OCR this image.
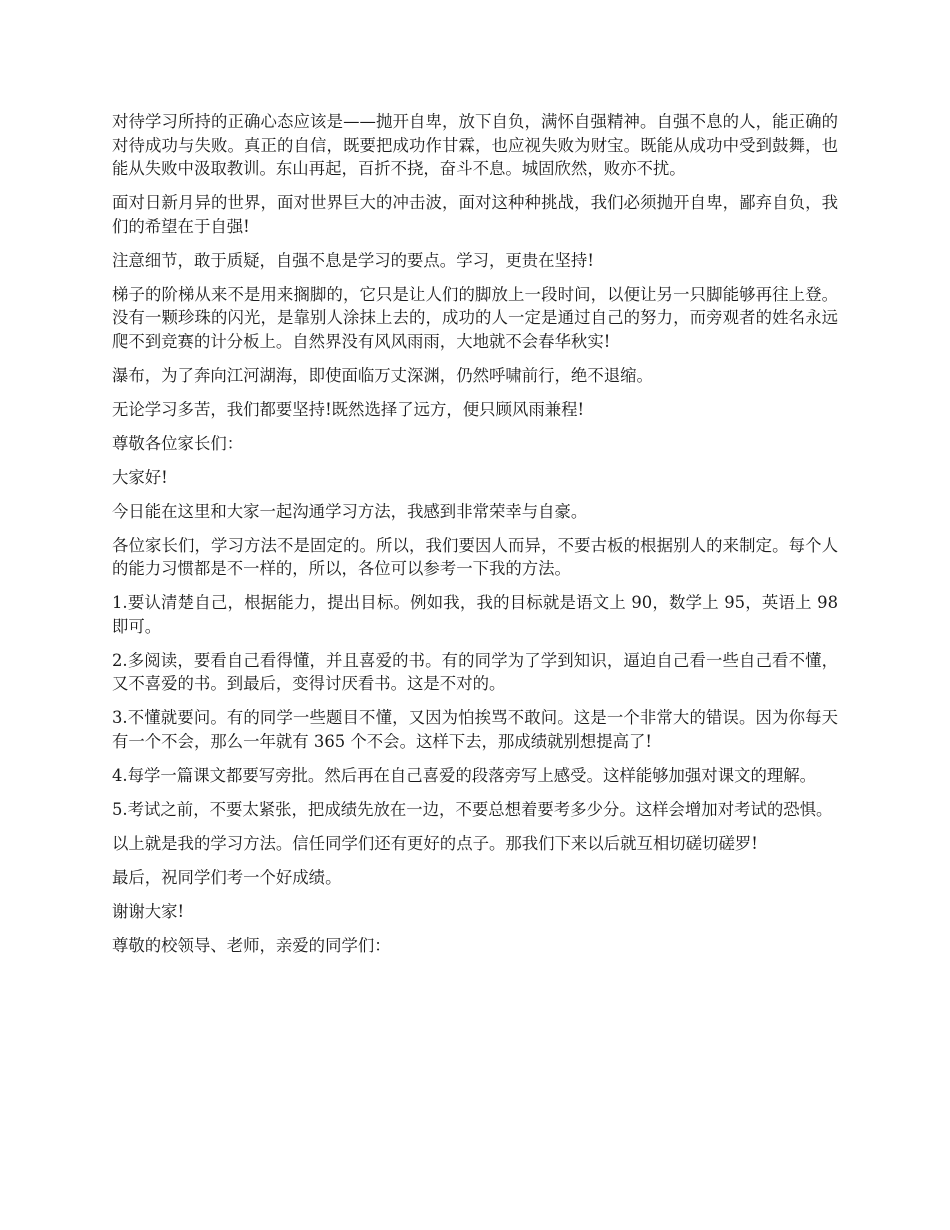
对待学习所持的正确心态应该是——抛开自卑，放下自负，满怀自强精神。自强不息的人，能正确的对待成功与失败。真正的自信，既要把成功作甘霖，也应视失败为财宝。既能从成功中受到鼓舞，也能从失败中汲取教训。东山再起，百折不挠，奋斗不息。城固欣然，败亦不扰。

面对日新月异的世界，面对世界巨大的冲击波，面对这种种挑战，我们必须抛开自卑，鄙弃自负，我们的希望在于自强!

注意细节，敢于质疑，自强不息是学习的要点。学习，更贵在坚持!

梯子的阶梯从来不是用来搁脚的，它只是让人们的脚放上一段时间，以便让另一只脚能够再往上登。没有一颗珍珠的闪光，是靠别人涂抹上去的，成功的人一定是通过自己的努力，而旁观者的姓名永远爬不到竞赛的计分板上。自然界没有风风雨雨，大地就不会春华秋实!

瀑布，为了奔向江河湖海，即使面临万丈深渊，仍然呼啸前行，绝不退缩。

无论学习多苦，我们都要坚持!既然选择了远方，便只顾风雨兼程!

尊敬各位家长们：

大家好!

今日能在这里和大家一起沟通学习方法，我感到非常荣幸与自豪。

各位家长们，学习方法不是固定的。所以，我们要因人而异，不要古板的根据别人的来制定。每个人的能力习惯都是不一样的，所以，各位可以参考一下我的方法。

1.要认清楚自己，根据能力，提出目标。例如我，我的目标就是语文上 90，数学上 95，英语上 98 即可。

2.多阅读，要看自己看得懂，并且喜爱的书。有的同学为了学到知识，逼迫自己看一些自己看不懂，又不喜爱的书。到最后，变得讨厌看书。这是不对的。

3.不懂就要问。有的同学一些题目不懂，又因为怕挨骂不敢问。这是一个非常大的错误。因为你每天有一个不会，那么一年就有 365 个不会。这样下去，那成绩就别想提高了!

4.每学一篇课文都要写旁批。然后再在自己喜爱的段落旁写上感受。这样能够加强对课文的理解。

5.考试之前，不要太紧张，把成绩先放在一边，不要总想着要考多少分。这样会增加对考试的恐惧。

以上就是我的学习方法。信任同学们还有更好的点子。那我们下来以后就互相切磋切磋罗!

最后，祝同学们考一个好成绩。

谢谢大家!

尊敬的校领导、老师，亲爱的同学们：
